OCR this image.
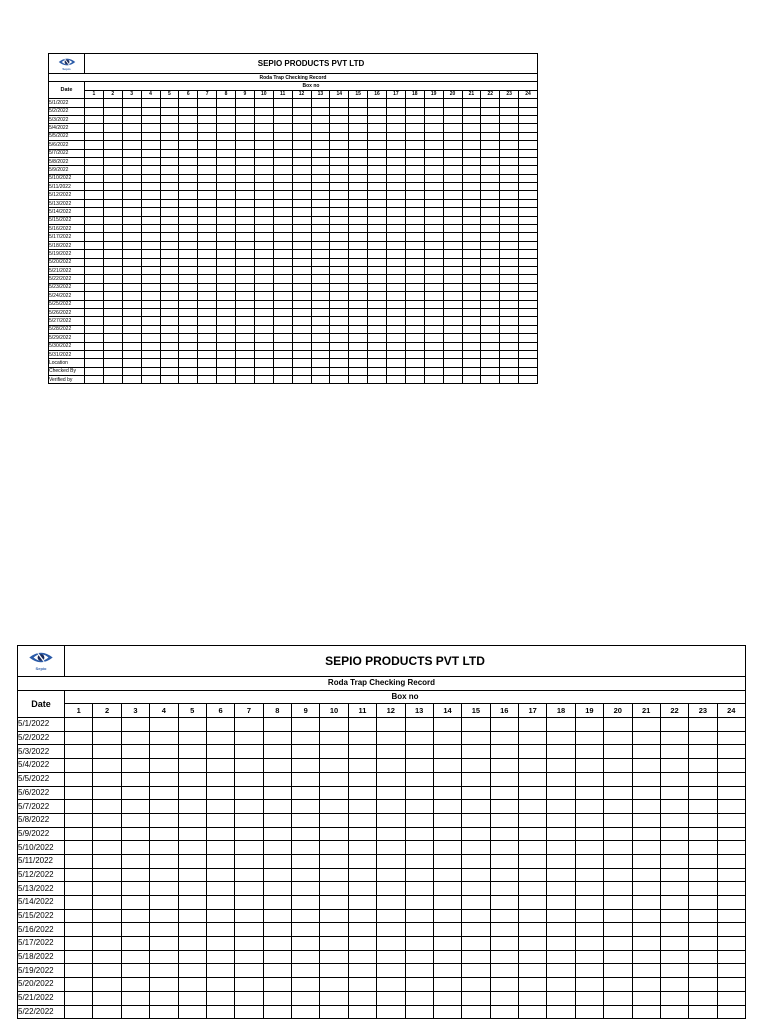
Sepio	SEPIO PRODUCTS PVT LTD																							
Roda Trap Checking Record																								
Date	Box no																							
	1	2	3	4	5	6	7	8	9	10	11	12	13	14	15	16	17	18	19	20	21	22	23	24
5/1/2022																								
5/2/2022																								
5/3/2022																								
5/4/2022																								
5/5/2022																								
5/6/2022																								
5/7/2022																								
5/8/2022																								
5/9/2022																								
5/10/2022																								
5/11/2022																								
5/12/2022																								
5/13/2022																								
5/14/2022																								
5/15/2022																								
5/16/2022																								
5/17/2022																								
5/18/2022																								
5/19/2022																								
5/20/2022																								
5/21/2022																								
5/22/2022																								
5/23/2022																								
5/24/2022																								
5/25/2022																								
5/26/2022																								
5/27/2022																								
5/28/2022																								
5/29/2022																								
5/30/2022																								
5/31/2022																								
Location																								
Checked By																								
Verified by																								
Sepio	SEPIO PRODUCTS PVT LTD																							
Roda Trap Checking Record																								
Date	Box no																							
	1	2	3	4	5	6	7	8	9	10	11	12	13	14	15	16	17	18	19	20	21	22	23	24
5/1/2022																								
5/2/2022																								
5/3/2022																								
5/4/2022																								
5/5/2022																								
5/6/2022																								
5/7/2022																								
5/8/2022																								
5/9/2022																								
5/10/2022																								
5/11/2022																								
5/12/2022																								
5/13/2022																								
5/14/2022																								
5/15/2022																								
5/16/2022																								
5/17/2022																								
5/18/2022																								
5/19/2022																								
5/20/2022																								
5/21/2022																								
5/22/2022																								
